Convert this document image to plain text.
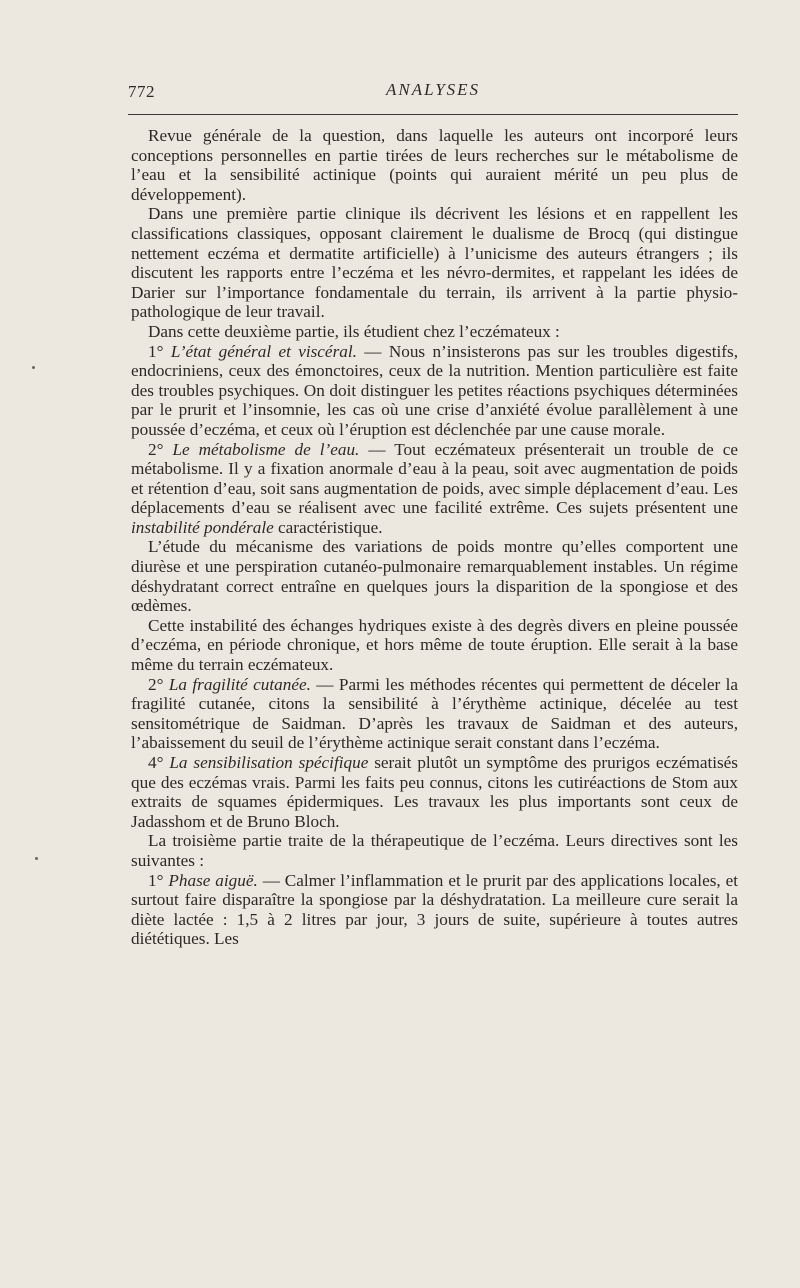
772	ANALYSES

Revue générale de la question, dans laquelle les auteurs ont incorporé leurs conceptions personnelles en partie tirées de leurs recherches sur le métabolisme de l’eau et la sensibilité actinique (points qui auraient mérité un peu plus de développement).

Dans une première partie clinique ils décrivent les lésions et en rappellent les classifications classiques, opposant clairement le dualisme de Brocq (qui distingue nettement eczéma et dermatite artificielle) à l’unicisme des auteurs étrangers ; ils discutent les rapports entre l’eczéma et les névro-dermites, et rappelant les idées de Darier sur l’importance fondamentale du terrain, ils arrivent à la partie physio-pathologique de leur travail.

Dans cette deuxième partie, ils étudient chez l’eczémateux :

1° L’état général et viscéral. — Nous n’insisterons pas sur les troubles digestifs, endocriniens, ceux des émonctoires, ceux de la nutrition. Mention particulière est faite des troubles psychiques. On doit distinguer les petites réactions psychiques déterminées par le prurit et l’insomnie, les cas où une crise d’anxiété évolue parallèlement à une poussée d’eczéma, et ceux où l’éruption est déclenchée par une cause morale.

2° Le métabolisme de l’eau. — Tout eczémateux présenterait un trouble de ce métabolisme. Il y a fixation anormale d’eau à la peau, soit avec augmentation de poids et rétention d’eau, soit sans augmentation de poids, avec simple déplacement d’eau. Les déplacements d’eau se réalisent avec une facilité extrême. Ces sujets présentent une instabilité pondérale caractéristique.

L’étude du mécanisme des variations de poids montre qu’elles comportent une diurèse et une perspiration cutanéo-pulmonaire remarquablement instables. Un régime déshydratant correct entraîne en quelques jours la disparition de la spongiose et des œdèmes.

Cette instabilité des échanges hydriques existe à des degrès divers en pleine poussée d’eczéma, en période chronique, et hors même de toute éruption. Elle serait à la base même du terrain eczémateux.

2° La fragilité cutanée. — Parmi les méthodes récentes qui permettent de déceler la fragilité cutanée, citons la sensibilité à l’érythème actinique, décelée au test sensitométrique de Saidman. D’après les travaux de Saidman et des auteurs, l’abaissement du seuil de l’érythème actinique serait constant dans l’eczéma.

4° La sensibilisation spécifique serait plutôt un symptôme des prurigos eczématisés que des eczémas vrais. Parmi les faits peu connus, citons les cutiréactions de Stom aux extraits de squames épidermiques. Les travaux les plus importants sont ceux de Jadasshom et de Bruno Bloch.

La troisième partie traite de la thérapeutique de l’eczéma. Leurs directives sont les suivantes :

1° Phase aiguë. — Calmer l’inflammation et le prurit par des applications locales, et surtout faire disparaître la spongiose par la déshydratation. La meilleure cure serait la diète lactée : 1,5 à 2 litres par jour, 3 jours de suite, supérieure à toutes autres diététiques. Les
